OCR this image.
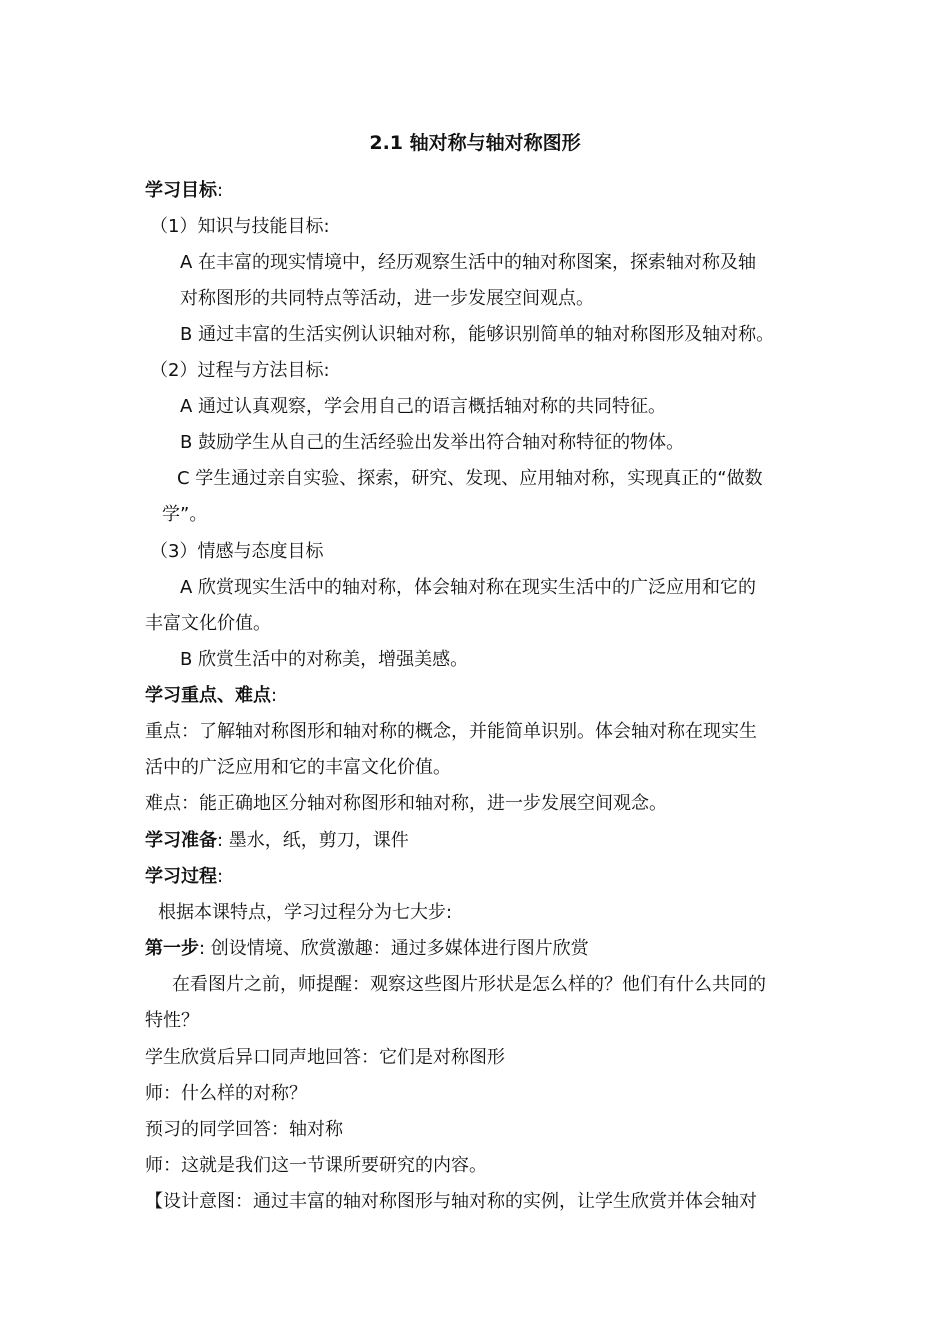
2.1 轴对称与轴对称图形
学习目标:
（1）知识与技能目标:
A 在丰富的现实情境中，经历观察生活中的轴对称图案，探索轴对称及轴
对称图形的共同特点等活动，进一步发展空间观点。
B 通过丰富的生活实例认识轴对称，能够识别简单的轴对称图形及轴对称。
（2）过程与方法目标:
A 通过认真观察，学会用自己的语言概括轴对称的共同特征。
B 鼓励学生从自己的生活经验出发举出符合轴对称特征的物体。
C 学生通过亲自实验、探索，研究、发现、应用轴对称，实现真正的“做数
学”。
（3）情感与态度目标
A 欣赏现实生活中的轴对称，体会轴对称在现实生活中的广泛应用和它的
丰富文化价值。
B 欣赏生活中的对称美，增强美感。
学习重点、难点:
重点：了解轴对称图形和轴对称的概念，并能简单识别。体会轴对称在现实生
活中的广泛应用和它的丰富文化价值。
难点：能正确地区分轴对称图形和轴对称，进一步发展空间观念。
学习准备: 墨水，纸，剪刀，课件
学习过程:
根据本课特点，学习过程分为七大步:
第一步: 创设情境、欣赏激趣：通过多媒体进行图片欣赏
在看图片之前，师提醒：观察这些图片形状是怎么样的？他们有什么共同的
特性？
学生欣赏后异口同声地回答：它们是对称图形
师：什么样的对称？
预习的同学回答：轴对称
师：这就是我们这一节课所要研究的内容。
【设计意图：通过丰富的轴对称图形与轴对称的实例，让学生欣赏并体会轴对
